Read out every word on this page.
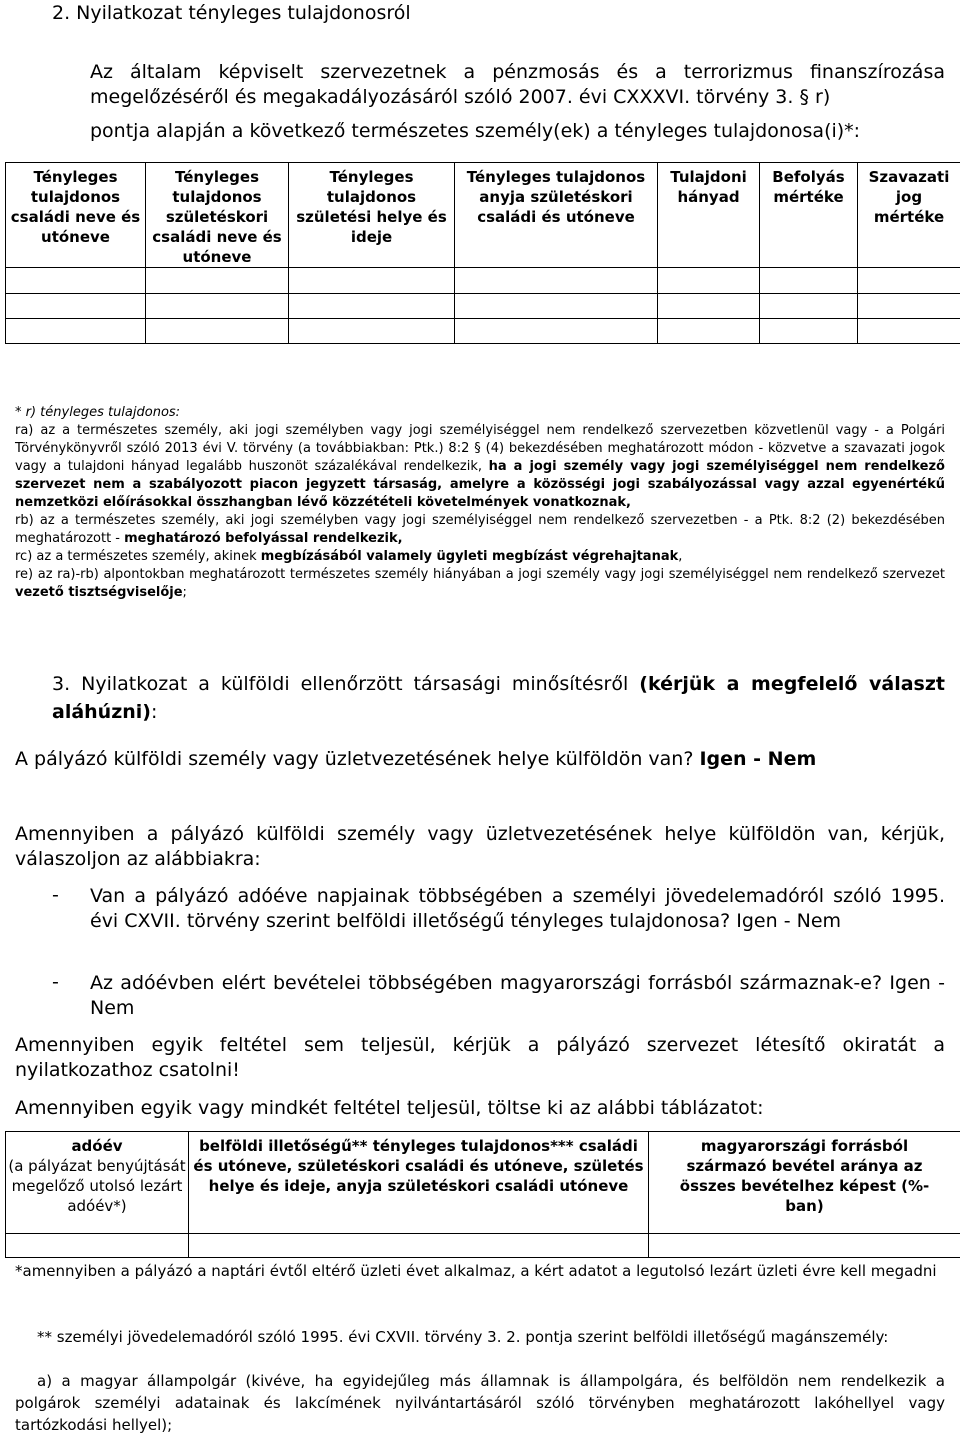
2. Nyilatkozat tényleges tulajdonosról
Az általam képviselt szervezetnek a pénzmosás és a terrorizmus finanszírozása megelőzéséről és megakadályozásáról szóló 2007. évi CXXXVI. törvény 3. § r)
pontja alapján a következő természetes személy(ek) a tényleges tulajdonosa(i)*:
Tényleges tulajdonos családi neve és utóneve	Tényleges tulajdonos születéskori családi neve és utóneve	Tényleges tulajdonos születési helye és ideje	Tényleges tulajdonos anyja születéskori családi és utóneve	Tulajdoni hányad	Befolyás mértéke	Szavazati jog mértéke

* r) tényleges tulajdonos:

ra) az a természetes személy, aki jogi személyben vagy jogi személyiséggel nem rendelkező szervezetben közvetlenül vagy - a Polgári Törvénykönyvről szóló 2013 évi V. törvény (a továbbiakban: Ptk.) 8:2 § (4) bekezdésében meghatározott módon - közvetve a szavazati jogok vagy a tulajdoni hányad legalább huszonöt százalékával rendelkezik, ha a jogi személy vagy jogi személyiséggel nem rendelkező szervezet nem a szabályozott piacon jegyzett társaság, amelyre a közösségi jogi szabályozással vagy azzal egyenértékű nemzetközi előírásokkal összhangban lévő közzétételi követelmények vonatkoznak,

rb) az a természetes személy, aki jogi személyben vagy jogi személyiséggel nem rendelkező szervezetben - a Ptk. 8:2 (2) bekezdésében meghatározott - meghatározó befolyással rendelkezik,

rc) az a természetes személy, akinek megbízásából valamely ügyleti megbízást végrehajtanak,

re) az ra)-rb) alpontokban meghatározott természetes személy hiányában a jogi személy vagy jogi személyiséggel nem rendelkező szervezet vezető tisztségviselője;

3. Nyilatkozat a külföldi ellenőrzött társasági minősítésről (kérjük a megfelelő választ aláhúzni):
A pályázó külföldi személy vagy üzletvezetésének helye külföldön van? Igen - Nem
Amennyiben a pályázó külföldi személy vagy üzletvezetésének helye külföldön van, kérjük, válaszoljon az alábbiakra:
- Van a pályázó adóéve napjainak többségében a személyi jövedelemadóról szóló 1995. évi CXVII. törvény szerint belföldi illetőségű tényleges tulajdonosa? Igen - Nem
- Az adóévben elért bevételei többségében magyarországi forrásból származnak-e? Igen - Nem
Amennyiben egyik feltétel sem teljesül, kérjük a pályázó szervezet létesítő okiratát a nyilatkozathoz csatolni!
Amennyiben egyik vagy mindkét feltétel teljesül, töltse ki az alábbi táblázatot:
adóév
(a pályázat benyújtását megelőző utolsó lezárt adóév*)	belföldi illetőségű** tényleges tulajdonos*** családi és utóneve, születéskori családi és utóneve, születés helye és ideje, anyja születéskori családi utóneve	magyarországi forrásból származó bevétel aránya az összes bevételhez képest (%-ban)

*amennyiben a pályázó a naptári évtől eltérő üzleti évet alkalmaz, a kért adatot a legutolsó lezárt üzleti évre kell megadni
** személyi jövedelemadóról szóló 1995. évi CXVII. törvény 3. 2. pontja szerint belföldi illetőségű magánszemély:
a) a magyar állampolgár (kivéve, ha egyidejűleg más államnak is állampolgára, és belföldön nem rendelkezik a polgárok személyi adatainak és lakcímének nyilvántartásáról szóló törvényben meghatározott lakóhellyel vagy tartózkodási hellyel);
